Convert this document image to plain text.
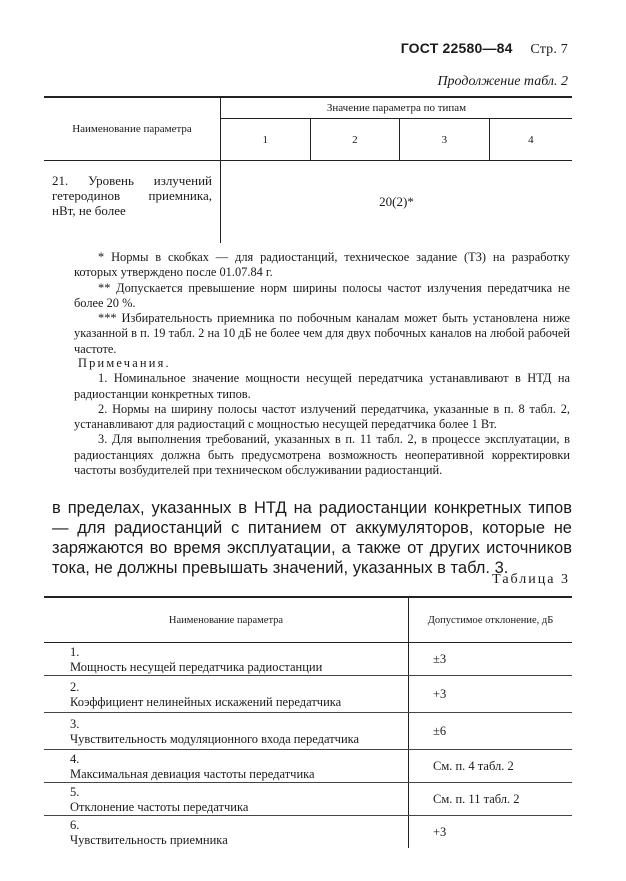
ГОСТ 22580—84 Стр. 7
Продолжение табл. 2
Наименование параметра	Значение параметра по типам			
	1	2	3	4
21. Уровень излучений гетеродинов приемника, нВт, не более	20(2)*			

* Нормы в скобках — для радиостанций, техническое задание (ТЗ) на разработку которых утверждено после 01.07.84 г.

** Допускается превышение норм ширины полосы частот излучения передатчика не более 20 %.

*** Избирательность приемника по побочным каналам может быть установлена ниже указанной в п. 19 табл. 2 на 10 дБ не более чем для двух побочных каналов на любой рабочей частоте.

Примечания.

1. Номинальное значение мощности несущей передатчика устанавливают в НТД на радиостанции конкретных типов.

2. Нормы на ширину полосы частот излучений передатчика, указанные в п. 8 табл. 2, устанавливают для радиостаций с мощностью несущей передатчика более 1 Вт.

3. Для выполнения требований, указанных в п. 11 табл. 2, в процессе эксплуатации, в радиостанциях должна быть предусмотрена возможность неоперативной корректировки частоты возбудителей при техническом обслуживании радиостанций.

в пределах, указанных в НТД на радиостанции конкретных типов — для радиостанций с питанием от аккумуляторов, которые не заряжаются во время эксплуатации, а также от других источников тока, не должны превышать значений, указанных в табл. 3.
Таблица 3
Наименование параметра	Допустимое отклонение, дБ
1.Мощность несущей передатчика радиостанции	±3
2.Коэффициент нелинейных искажений передатчика	+3
3.Чувствительность модуляционного входа передатчика	±6
4.Максимальная девиация частоты передатчика	См. п. 4 табл. 2
5.Отклонение частоты передатчика	См. п. 11 табл. 2
6.Чувствительность приемника	+3
